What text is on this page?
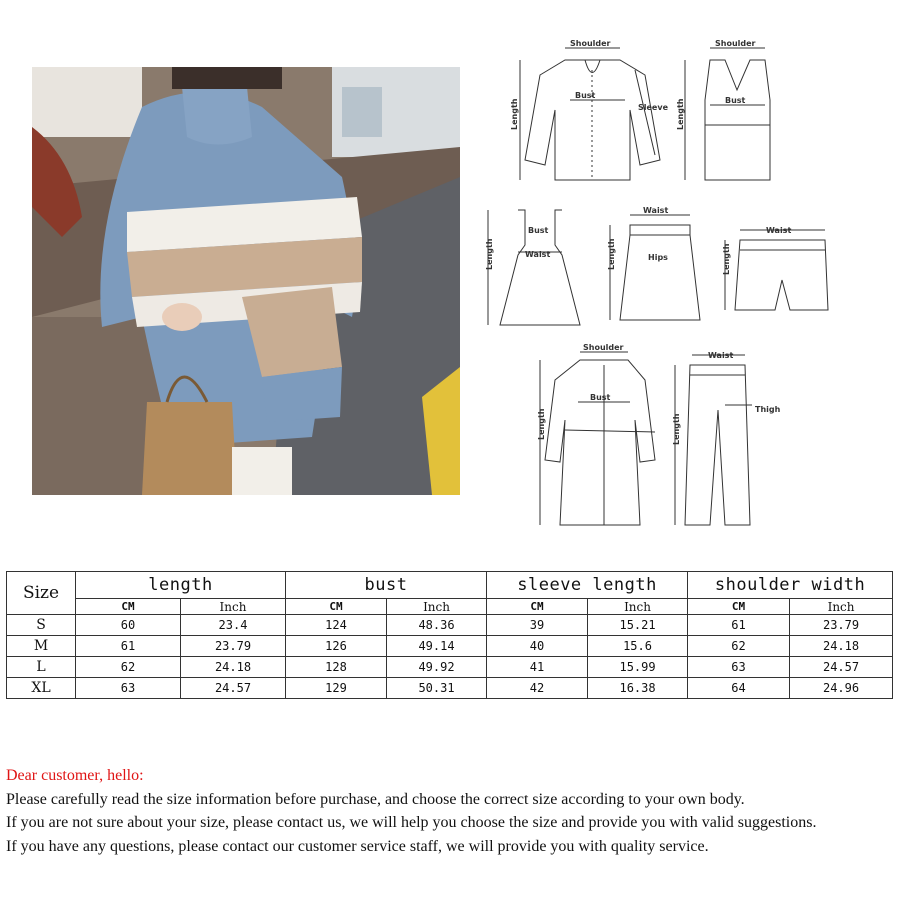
Shoulder
Bust
Sleeve
Length
Shoulder
Bust
Length
Bust
Waist
Length
Waist
Hips
Length
Waist
Length
Shoulder
Bust
Length
Waist
Thigh
Length
Size	length		bust		sleeve length		shoulder width	
	CM	Inch	CM	Inch	CM	Inch	CM	Inch
S	60	23.4	124	48.36	39	15.21	61	23.79
M	61	23.79	126	49.14	40	15.6	62	24.18
L	62	24.18	128	49.92	41	15.99	63	24.57
XL	63	24.57	129	50.31	42	16.38	64	24.96

Dear customer, hello:

Please carefully read the size information before purchase, and choose the correct size according to your own body.

If you are not sure about your size, please contact us, we will help you choose the size and provide you with valid suggestions.

If you have any questions, please contact our customer service staff, we will provide you with quality service.
